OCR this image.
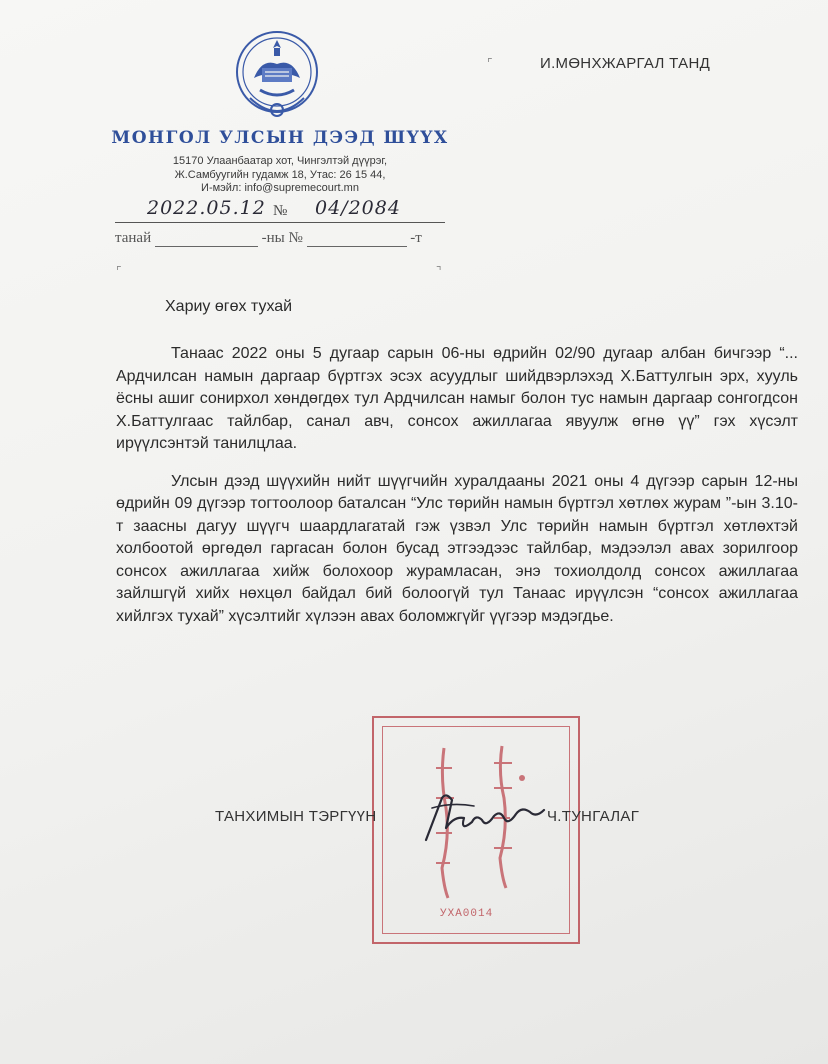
МОНГОЛ УЛСЫН ДЭЭД ШҮҮХ
15170 Улаанбаатар хот, Чингэлтэй дүүрэг,
Ж.Самбуугийн гудамж 18, Утас: 26 15 44,
И-мэйл: info@supremecourt.mn
⌜	И.МӨНХЖАРГАЛ ТАНД
2022.05.12 № 04/2084
танай	-ны №	-т
⌜	⌝
Хариу өгөх тухай

Танаас 2022 оны 5 дугаар сарын 06-ны өдрийн 02/90 дугаар албан бичгээр “... Ардчилсан намын даргаар бүртгэх эсэх асуудлыг шийдвэрлэхэд Х.Баттулгын эрх, хууль ёсны ашиг сонирхол хөндөгдөх тул Ардчилсан намыг болон тус намын даргаар сонгогдсон Х.Баттулгаас тайлбар, санал авч, сонсох ажиллагаа явуулж өгнө үү” гэх хүсэлт ирүүлсэнтэй танилцлаа.

Улсын дээд шүүхийн нийт шүүгчийн хуралдааны 2021 оны 4 дүгээр сарын 12-ны өдрийн 09 дүгээр тогтоолоор баталсан “Улс төрийн намын бүртгэл хөтлөх журам ”-ын 3.10-т заасны дагуу шүүгч шаардлагатай гэж үзвэл Улс төрийн намын бүртгэл хөтлөхтэй холбоотой өргөдөл гаргасан болон бусад этгээдээс тайлбар, мэдээлэл авах зорилгоор сонсох ажиллагаа хийж болохоор журамласан, энэ тохиолдолд сонсох ажиллагаа зайлшгүй хийх нөхцөл байдал бий болоогүй тул Танаас ирүүлсэн “сонсох ажиллагаа хийлгэх тухай” хүсэлтийг хүлээн авах боломжгүйг үүгээр мэдэгдье.

УХА0014
ТАНХИМЫН ТЭРГҮҮН	Ч.ТУНГАЛАГ
